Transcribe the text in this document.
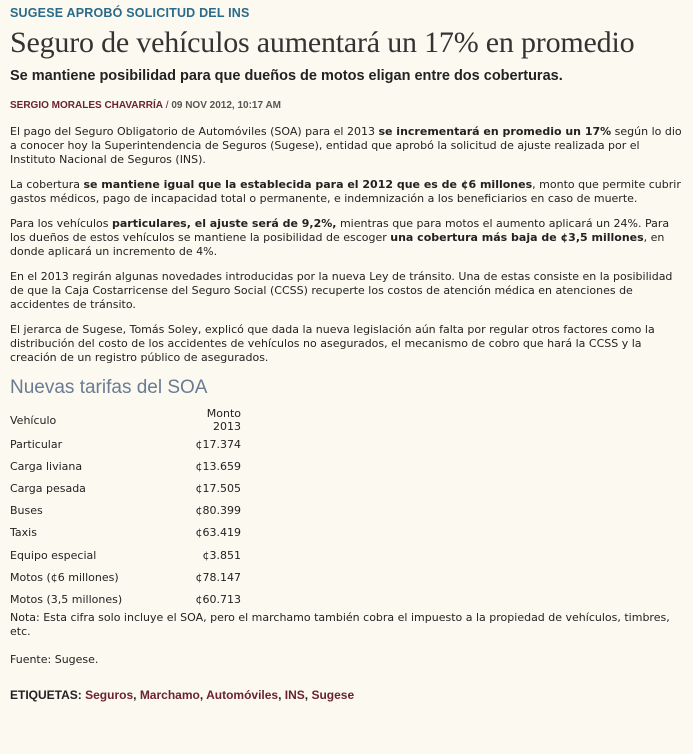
SUGESE APROBÓ SOLICITUD DEL INS
Seguro de vehículos aumentará un 17% en promedio
Se mantiene posibilidad para que dueños de motos eligan entre dos coberturas.
SERGIO MORALES CHAVARRÍA / 09 NOV 2012, 10:17 AM

El pago del Seguro Obligatorio de Automóviles (SOA) para el 2013 se incrementará en promedio un 17% según lo dio a conocer hoy la Superintendencia de Seguros (Sugese), entidad que aprobó la solicitud de ajuste realizada por el Instituto Nacional de Seguros (INS).

La cobertura se mantiene igual que la establecida para el 2012 que es de ¢6 millones, monto que permite cubrir gastos médicos, pago de incapacidad total o permanente, e indemnización a los beneficiarios en caso de muerte.

Para los vehículos particulares, el ajuste será de 9,2%, mientras que para motos el aumento aplicará un 24%. Para los dueños de estos vehículos se mantiene la posibilidad de escoger una cobertura más baja de ¢3,5 millones, en donde aplicará un incremento de 4%.

En el 2013 regirán algunas novedades introducidas por la nueva Ley de tránsito. Una de estas consiste en la posibilidad de que la Caja Costarricense del Seguro Social (CCSS) recuperte los costos de atención médica en atenciones de accidentes de tránsito.

El jerarca de Sugese, Tomás Soley, explicó que dada la nueva legislación aún falta por regular otros factores como la distribución del costo de los accidentes de vehículos no asegurados, el mecanismo de cobro que hará la CCSS y la creación de un registro público de asegurados.

Nuevas tarifas del SOA
Vehículo	Monto 2013
Particular	¢17.374
Carga liviana	¢13.659
Carga pesada	¢17.505
Buses	¢80.399
Taxis	¢63.419
Equipo especial	¢3.851
Motos (¢6 millones)	¢78.147
Motos (3,5 millones)	¢60.713

Nota: Esta cifra solo incluye el SOA, pero el marchamo también cobra el impuesto a la propiedad de vehículos, timbres, etc.

Fuente: Sugese.

ETIQUETAS: Seguros, Marchamo, Automóviles, INS, Sugese
